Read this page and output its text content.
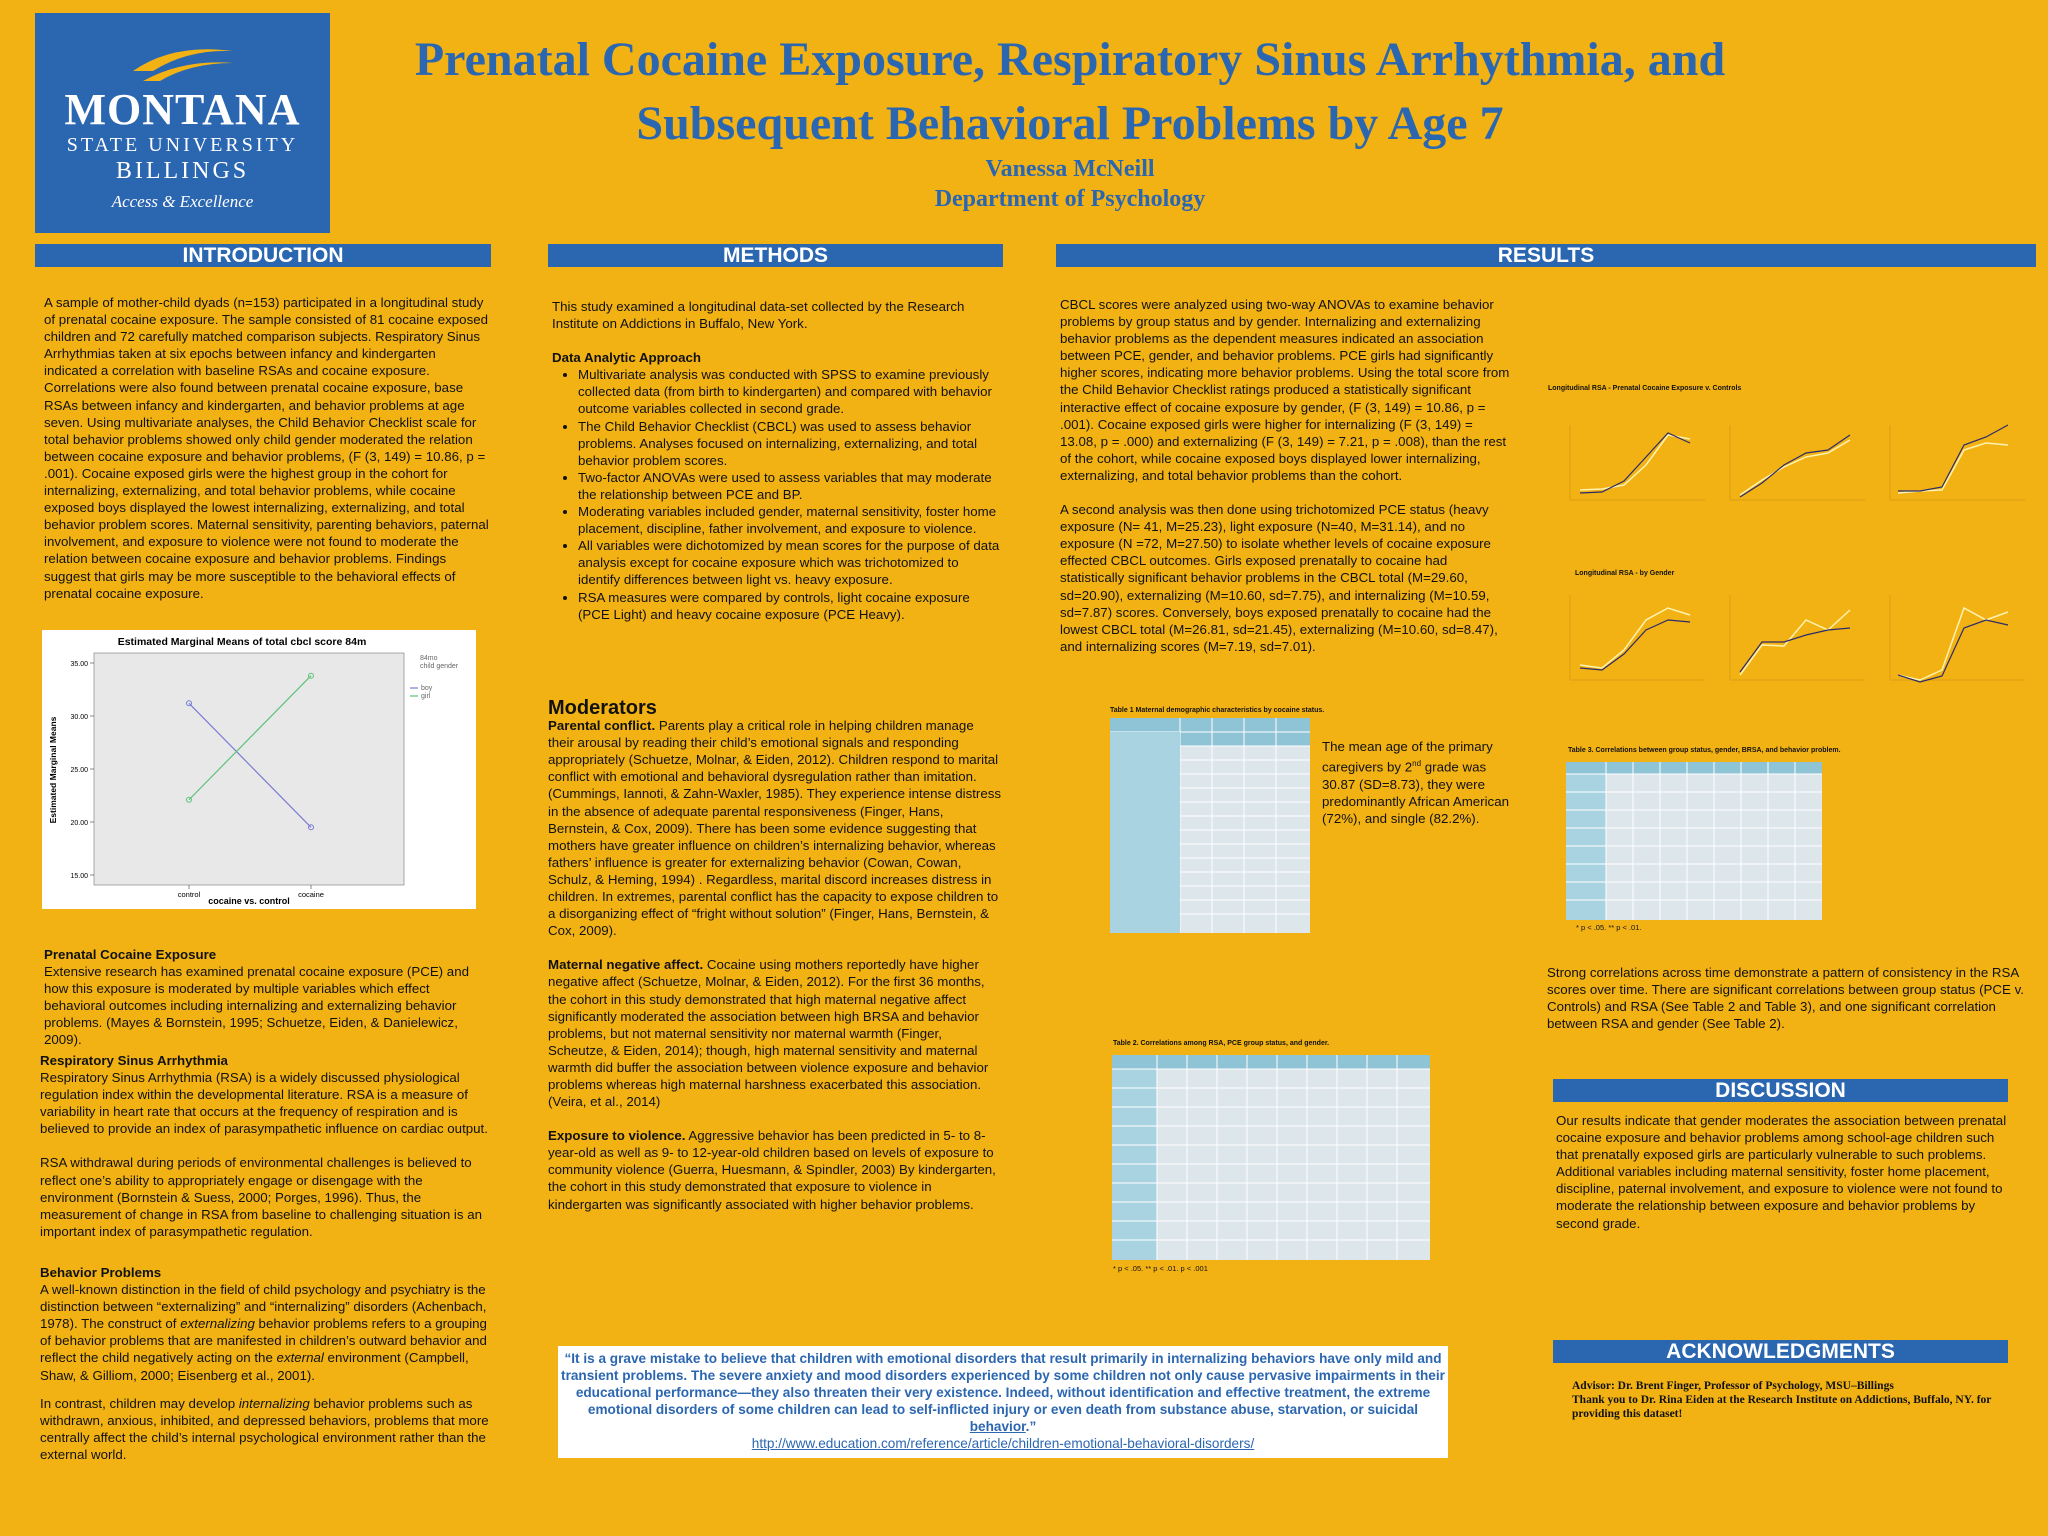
MONTANA
STATE UNIVERSITY
BILLINGS
Access & Excellence
Prenatal Cocaine Exposure, Respiratory Sinus Arrhythmia, and
Subsequent Behavioral Problems by Age 7
Vanessa McNeill
Department of Psychology
INTRODUCTION	METHODS	RESULTS
DISCUSSION
ACKNOWLEDGMENTS
A sample of mother-child dyads (n=153) participated in a longitudinal study of prenatal cocaine exposure. The sample consisted of 81 cocaine exposed children and 72 carefully matched comparison subjects. Respiratory Sinus Arrhythmias taken at six epochs between infancy and kindergarten indicated a correlation with baseline RSAs and cocaine exposure. Correlations were also found between prenatal cocaine exposure, base RSAs between infancy and kindergarten, and behavior problems at age seven. Using multivariate analyses, the Child Behavior Checklist scale for total behavior problems showed only child gender moderated the relation between cocaine exposure and behavior problems, (F (3, 149) = 10.86, p = .001). Cocaine exposed girls were the highest group in the cohort for internalizing, externalizing, and total behavior problems, while cocaine exposed boys displayed the lowest internalizing, externalizing, and total behavior problem scores. Maternal sensitivity, parenting behaviors, paternal involvement, and exposure to violence were not found to moderate the relation between cocaine exposure and behavior problems. Findings suggest that girls may be more susceptible to the behavioral effects of prenatal cocaine exposure.
Estimated Marginal Means of total cbcl score 84m
15.00
20.00
25.00
30.00
35.00
control	cocaine
Estimated Marginal Means
cocaine vs. control
84mo
child gender
boy
girl
Prenatal Cocaine Exposure
Extensive research has examined prenatal cocaine exposure (PCE) and how this exposure is moderated by multiple variables which effect behavioral outcomes including internalizing and externalizing behavior problems. (Mayes & Bornstein, 1995; Schuetze, Eiden, & Danielewicz, 2009).
Respiratory Sinus Arrhythmia

Respiratory Sinus Arrhythmia (RSA) is a widely discussed physiological regulation index within the developmental literature. RSA is a measure of variability in heart rate that occurs at the frequency of respiration and is believed to provide an index of parasympathetic influence on cardiac output.

RSA withdrawal during periods of environmental challenges is believed to reflect one’s ability to appropriately engage or disengage with the environment (Bornstein & Suess, 2000; Porges, 1996). Thus, the measurement of change in RSA from baseline to challenging situation is an important index of parasympathetic regulation.

Behavior Problems

A well-known distinction in the field of child psychology and psychiatry is the distinction between “externalizing” and “internalizing” disorders (Achenbach, 1978). The construct of externalizing behavior problems refers to a grouping of behavior problems that are manifested in children’s outward behavior and reflect the child negatively acting on the external environment (Campbell, Shaw, & Gilliom, 2000; Eisenberg et al., 2001).

In contrast, children may develop internalizing behavior problems such as withdrawn, anxious, inhibited, and depressed behaviors, problems that more centrally affect the child’s internal psychological environment rather than the external world.

This study examined a longitudinal data-set collected by the Research Institute on Addictions in Buffalo, New York.

Data Analytic Approach
• Multivariate analysis was conducted with SPSS to examine previously collected data (from birth to kindergarten) and compared with behavior outcome variables collected in second grade.
• The Child Behavior Checklist (CBCL) was used to assess behavior problems. Analyses focused on internalizing, externalizing, and total behavior problem scores.
• Two-factor ANOVAs were used to assess variables that may moderate the relationship between PCE and BP.
• Moderating variables included gender, maternal sensitivity, foster home placement, discipline, father involvement, and exposure to violence.
• All variables were dichotomized by mean scores for the purpose of data analysis except for cocaine exposure which was trichotomized to identify differences between light vs. heavy exposure.
• RSA measures were compared by controls, light cocaine exposure (PCE Light) and heavy cocaine exposure (PCE Heavy).
Moderators

Parental conflict. Parents play a critical role in helping children manage their arousal by reading their child’s emotional signals and responding appropriately (Schuetze, Molnar, & Eiden, 2012). Children respond to marital conflict with emotional and behavioral dysregulation rather than imitation. (Cummings, Iannoti, & Zahn-Waxler, 1985). They experience intense distress in the absence of adequate parental responsiveness (Finger, Hans, Bernstein, & Cox, 2009). There has been some evidence suggesting that mothers have greater influence on children’s internalizing behavior, whereas fathers’ influence is greater for externalizing behavior (Cowan, Cowan, Schulz, & Heming, 1994) . Regardless, marital discord increases distress in children. In extremes, parental conflict has the capacity to expose children to a disorganizing effect of “fright without solution” (Finger, Hans, Bernstein, & Cox, 2009).

Maternal negative affect. Cocaine using mothers reportedly have higher negative affect (Schuetze, Molnar, & Eiden, 2012). For the first 36 months, the cohort in this study demonstrated that high maternal negative affect significantly moderated the association between high BRSA and behavior problems, but not maternal sensitivity nor maternal warmth (Finger, Scheutze, & Eiden, 2014); though, high maternal sensitivity and maternal warmth did buffer the association between violence exposure and behavior problems whereas high maternal harshness exacerbated this association. (Veira, et al., 2014)

Exposure to violence. Aggressive behavior has been predicted in 5- to 8-year-old as well as 9- to 12-year-old children based on levels of exposure to community violence (Guerra, Huesmann, & Spindler, 2003) By kindergarten, the cohort in this study demonstrated that exposure to violence in kindergarten was significantly associated with higher behavior problems.

CBCL scores were analyzed using two-way ANOVAs to examine behavior problems by group status and by gender. Internalizing and externalizing behavior problems as the dependent measures indicated an association between PCE, gender, and behavior problems. PCE girls had significantly higher scores, indicating more behavior problems. Using the total score from the Child Behavior Checklist ratings produced a statistically significant interactive effect of cocaine exposure by gender, (F (3, 149) = 10.86, p = .001). Cocaine exposed girls were higher for internalizing (F (3, 149) = 13.08, p = .000) and externalizing (F (3, 149) = 7.21, p = .008), than the rest of the cohort, while cocaine exposed boys displayed lower internalizing, externalizing, and total behavior problems than the cohort.

A second analysis was then done using trichotomized PCE status (heavy exposure (N= 41, M=25.23), light exposure (N=40, M=31.14), and no exposure (N =72, M=27.50) to isolate whether levels of cocaine exposure effected CBCL outcomes. Girls exposed prenatally to cocaine had statistically significant behavior problems in the CBCL total (M=29.60, sd=20.90), externalizing (M=10.60, sd=7.75), and internalizing (M=10.59, sd=7.87) scores. Conversely, boys exposed prenatally to cocaine had the lowest CBCL total (M=26.81, sd=21.45), externalizing (M=10.60, sd=8.47), and internalizing scores (M=7.19, sd=7.01).

Table 1 Maternal demographic characteristics by cocaine status.
The mean age of the primary caregivers by 2nd grade was 30.87 (SD=8.73), they were predominantly African American (72%), and single (82.2%).
Table 2. Correlations among RSA, PCE group status, and gender.
* p < .05. ** p < .01. p < .001
Longitudinal RSA - Prenatal Cocaine Exposure v. Controls
Longitudinal RSA - by Gender
Table 3. Correlations between group status, gender, BRSA, and behavior problem.
* p < .05. ** p < .01.
Strong correlations across time demonstrate a pattern of consistency in the RSA scores over time. There are significant correlations between group status (PCE v. Controls) and RSA (See Table 2 and Table 3), and one significant correlation between RSA and gender (See Table 2).
Our results indicate that gender moderates the association between prenatal cocaine exposure and behavior problems among school-age children such that prenatally exposed girls are particularly vulnerable to such problems. Additional variables including maternal sensitivity, foster home placement, discipline, paternal involvement, and exposure to violence were not found to moderate the relationship between exposure and behavior problems by second grade.
“It is a grave mistake to believe that children with emotional disorders that result primarily in internalizing behaviors have only mild and transient problems. The severe anxiety and mood disorders experienced by some children not only cause pervasive impairments in their educational performance—they also threaten their very existence. Indeed, without identification and effective treatment, the extreme emotional disorders of some children can lead to self-inflicted injury or even death from substance abuse, starvation, or suicidal behavior.”
http://www.education.com/reference/article/children-emotional-behavioral-disorders/
Advisor: Dr. Brent Finger, Professor of Psychology, MSU–Billings
Thank you to Dr. Rina Eiden at the Research Institute on Addictions, Buffalo, NY. for providing this dataset!
